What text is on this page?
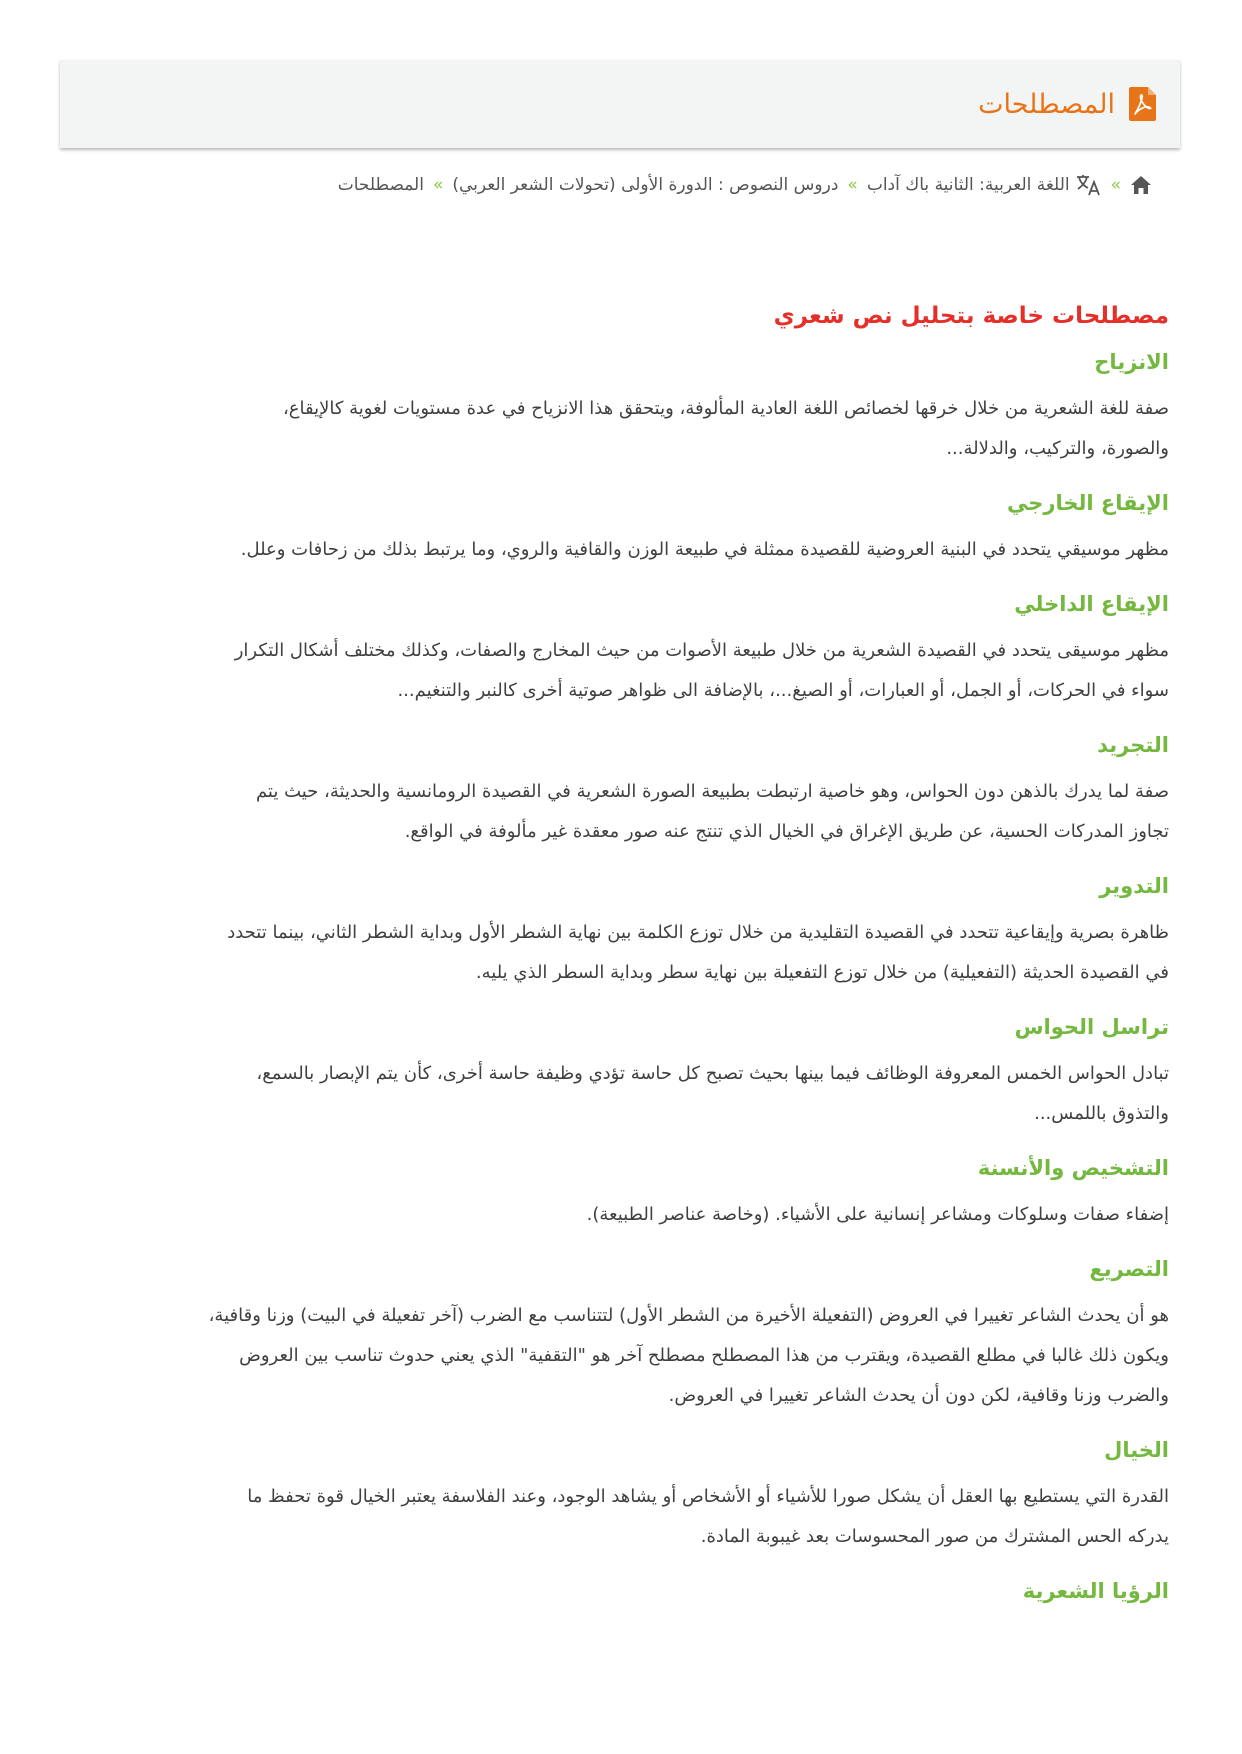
المصطلحات
»
اللغة العربية: الثانية باك آداب
»
دروس النصوص : الدورة الأولى (تحولات الشعر العربي)
»
المصطلحات
مصطلحات خاصة بتحليل نص شعري
الانزياح
صفة للغة الشعرية من خلال خرقها لخصائص اللغة العادية المألوفة، ويتحقق هذا الانزياح في عدة مستويات لغوية كالإيقاع،
والصورة، والتركيب، والدلالة...
الإيقاع الخارجي
مظهر موسيقي يتحدد في البنية العروضية للقصيدة ممثلة في طبيعة الوزن والقافية والروي، وما يرتبط بذلك من زحافات وعلل.
الإيقاع الداخلي
مظهر موسيقى يتحدد في القصيدة الشعرية من خلال طبيعة الأصوات من حيث المخارج والصفات، وكذلك مختلف أشكال التكرار
سواء في الحركات، أو الجمل، أو العبارات، أو الصيغ...، بالإضافة الى ظواهر صوتية أخرى كالنبر والتنغيم...
التجريد
صفة لما يدرك بالذهن دون الحواس، وهو خاصية ارتبطت بطبيعة الصورة الشعرية في القصيدة الرومانسية والحديثة، حيث يتم
تجاوز المدركات الحسية، عن طريق الإغراق في الخيال الذي تنتج عنه صور معقدة غير مألوفة في الواقع.
التدوير
ظاهرة بصرية وإيقاعية تتحدد في القصيدة التقليدية من خلال توزع الكلمة بين نهاية الشطر الأول وبداية الشطر الثاني، بينما تتحدد
في القصيدة الحديثة (التفعيلية) من خلال توزع التفعيلة بين نهاية سطر وبداية السطر الذي يليه.
تراسل الحواس
تبادل الحواس الخمس المعروفة الوظائف فيما بينها بحيث تصبح كل حاسة تؤدي وظيفة حاسة أخرى، كأن يتم الإبصار بالسمع،
والتذوق باللمس...
التشخيص والأنسنة
إضفاء صفات وسلوكات ومشاعر إنسانية على الأشياء. (وخاصة عناصر الطبيعة).
التصريع
هو أن يحدث الشاعر تغييرا في العروض (التفعيلة الأخيرة من الشطر الأول) لتتناسب مع الضرب (آخر تفعيلة في البيت) وزنا وقافية،
ويكون ذلك غالبا في مطلع القصيدة، ويقترب من هذا المصطلح مصطلح آخر هو "التقفية" الذي يعني حدوث تناسب بين العروض
والضرب وزنا وقافية، لكن دون أن يحدث الشاعر تغييرا في العروض.
الخيال
القدرة التي يستطيع بها العقل أن يشكل صورا للأشياء أو الأشخاص أو يشاهد الوجود، وعند الفلاسفة يعتبر الخيال قوة تحفظ ما
يدركه الحس المشترك من صور المحسوسات بعد غيبوبة المادة.
الرؤيا الشعرية
